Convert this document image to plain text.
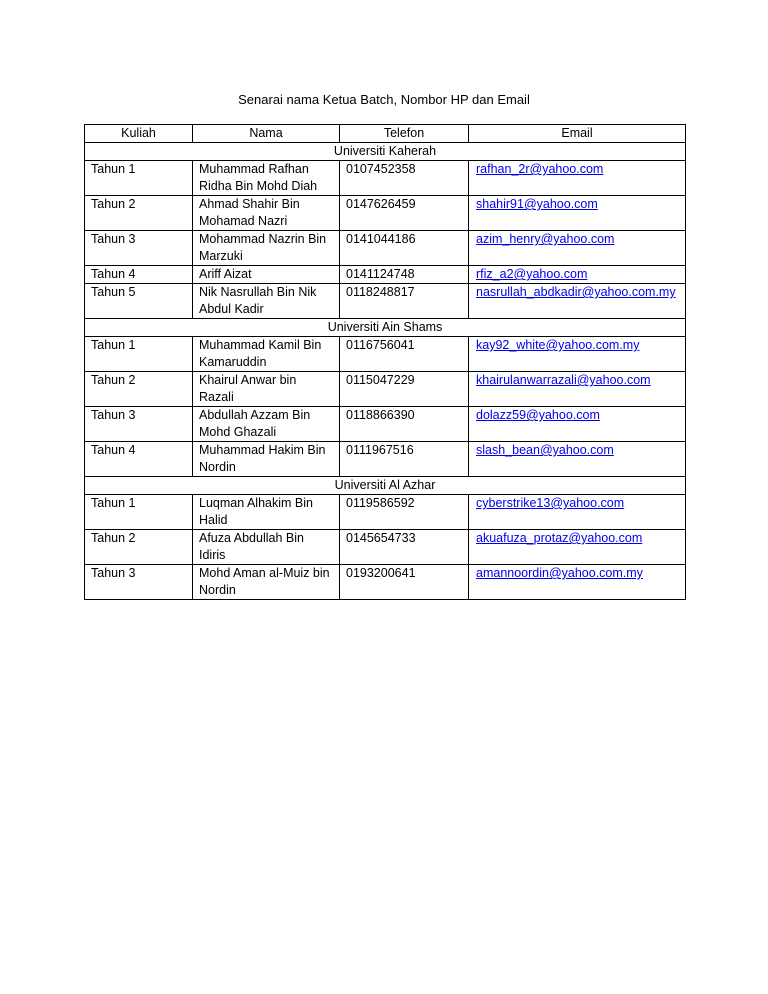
Senarai nama Ketua Batch, Nombor HP dan Email
Kuliah	Nama	Telefon	Email
Universiti Kaherah			
Tahun 1	Muhammad Rafhan Ridha Bin Mohd Diah	0107452358	rafhan_2r@yahoo.com
Tahun 2	Ahmad Shahir Bin Mohamad Nazri	0147626459	shahir91@yahoo.com
Tahun 3	Mohammad Nazrin Bin Marzuki	0141044186	azim_henry@yahoo.com
Tahun 4	Ariff Aizat	0141124748	rfiz_a2@yahoo.com
Tahun 5	Nik Nasrullah Bin Nik Abdul Kadir	0118248817	nasrullah_abdkadir@yahoo.com.my
Universiti Ain Shams			
Tahun 1	Muhammad Kamil Bin Kamaruddin	0116756041	kay92_white@yahoo.com.my
Tahun 2	Khairul Anwar bin Razali	0115047229	khairulanwarrazali@yahoo.com
Tahun 3	Abdullah Azzam Bin Mohd Ghazali	0118866390	dolazz59@yahoo.com
Tahun 4	Muhammad Hakim Bin Nordin	0111967516	slash_bean@yahoo.com
Universiti Al Azhar			
Tahun 1	Luqman Alhakim Bin Halid	0119586592	cyberstrike13@yahoo.com
Tahun 2	Afuza Abdullah Bin Idiris	0145654733	akuafuza_protaz@yahoo.com
Tahun 3	Mohd Aman al-Muiz bin Nordin	0193200641	amannoordin@yahoo.com.my
